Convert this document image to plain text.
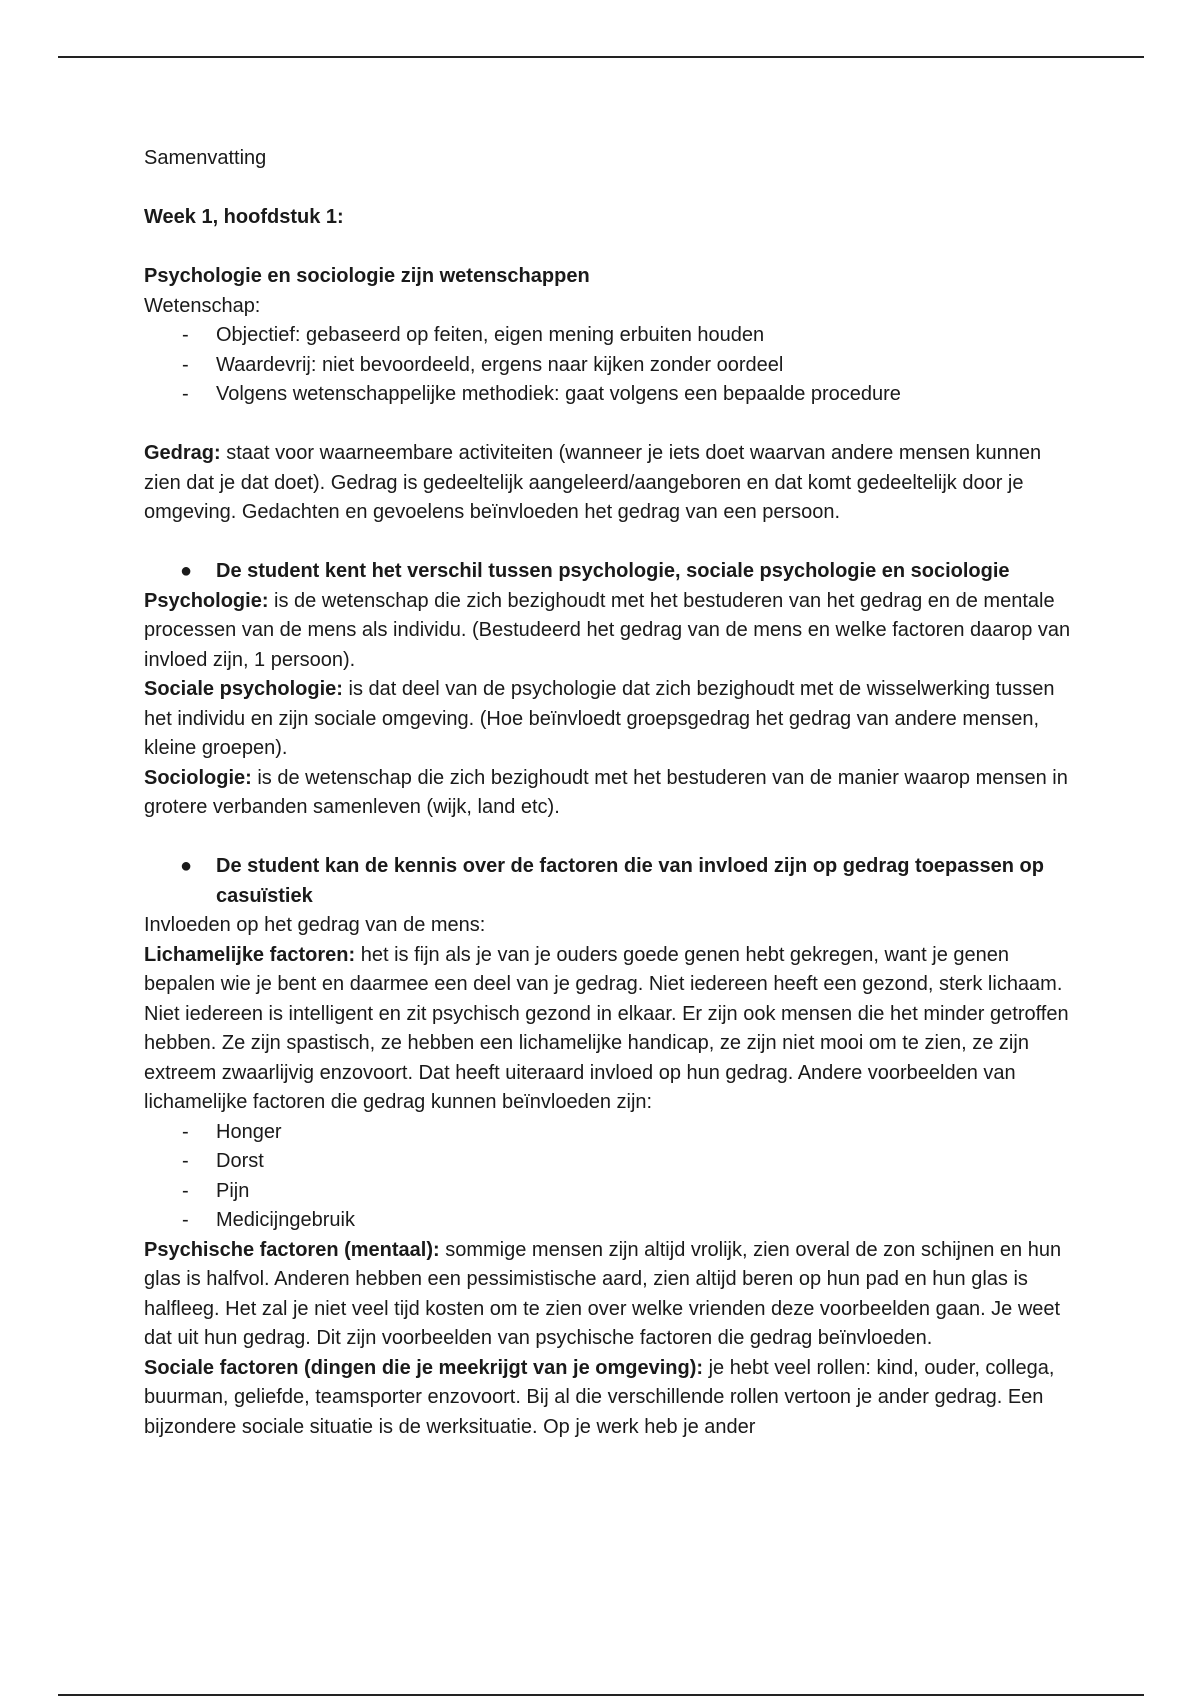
Samenvatting

Week 1, hoofdstuk 1:

Psychologie en sociologie zijn wetenschappen

Wetenschap:

- Objectief: gebaseerd op feiten, eigen mening erbuiten houden
- Waardevrij: niet bevoordeeld, ergens naar kijken zonder oordeel
- Volgens wetenschappelijke methodiek: gaat volgens een bepaalde procedure

Gedrag: staat voor waarneembare activiteiten (wanneer je iets doet waarvan andere mensen kunnen zien dat je dat doet). Gedrag is gedeeltelijk aangeleerd/aangeboren en dat komt gedeeltelijk door je omgeving. Gedachten en gevoelens beïnvloeden het gedrag van een persoon.

● De student kent het verschil tussen psychologie, sociale psychologie en sociologie

Psychologie: is de wetenschap die zich bezighoudt met het bestuderen van het gedrag en de mentale processen van de mens als individu. (Bestudeerd het gedrag van de mens en welke factoren daarop van invloed zijn, 1 persoon).

Sociale psychologie: is dat deel van de psychologie dat zich bezighoudt met de wisselwerking tussen het individu en zijn sociale omgeving. (Hoe beïnvloedt groepsgedrag het gedrag van andere mensen, kleine groepen).

Sociologie: is de wetenschap die zich bezighoudt met het bestuderen van de manier waarop mensen in grotere verbanden samenleven (wijk, land etc).

● De student kan de kennis over de factoren die van invloed zijn op gedrag toepassen op casuïstiek

Invloeden op het gedrag van de mens:

Lichamelijke factoren: het is fijn als je van je ouders goede genen hebt gekregen, want je genen bepalen wie je bent en daarmee een deel van je gedrag. Niet iedereen heeft een gezond, sterk lichaam. Niet iedereen is intelligent en zit psychisch gezond in elkaar. Er zijn ook mensen die het minder getroffen hebben. Ze zijn spastisch, ze hebben een lichamelijke handicap, ze zijn niet mooi om te zien, ze zijn extreem zwaarlijvig enzovoort. Dat heeft uiteraard invloed op hun gedrag. Andere voorbeelden van lichamelijke factoren die gedrag kunnen beïnvloeden zijn:

- Honger
- Dorst
- Pijn
- Medicijngebruik

Psychische factoren (mentaal): sommige mensen zijn altijd vrolijk, zien overal de zon schijnen en hun glas is halfvol. Anderen hebben een pessimistische aard, zien altijd beren op hun pad en hun glas is halfleeg. Het zal je niet veel tijd kosten om te zien over welke vrienden deze voorbeelden gaan. Je weet dat uit hun gedrag. Dit zijn voorbeelden van psychische factoren die gedrag beïnvloeden.

Sociale factoren (dingen die je meekrijgt van je omgeving): je hebt veel rollen: kind, ouder, collega, buurman, geliefde, teamsporter enzovoort. Bij al die verschillende rollen vertoon je ander gedrag. Een bijzondere sociale situatie is de werksituatie. Op je werk heb je ander
